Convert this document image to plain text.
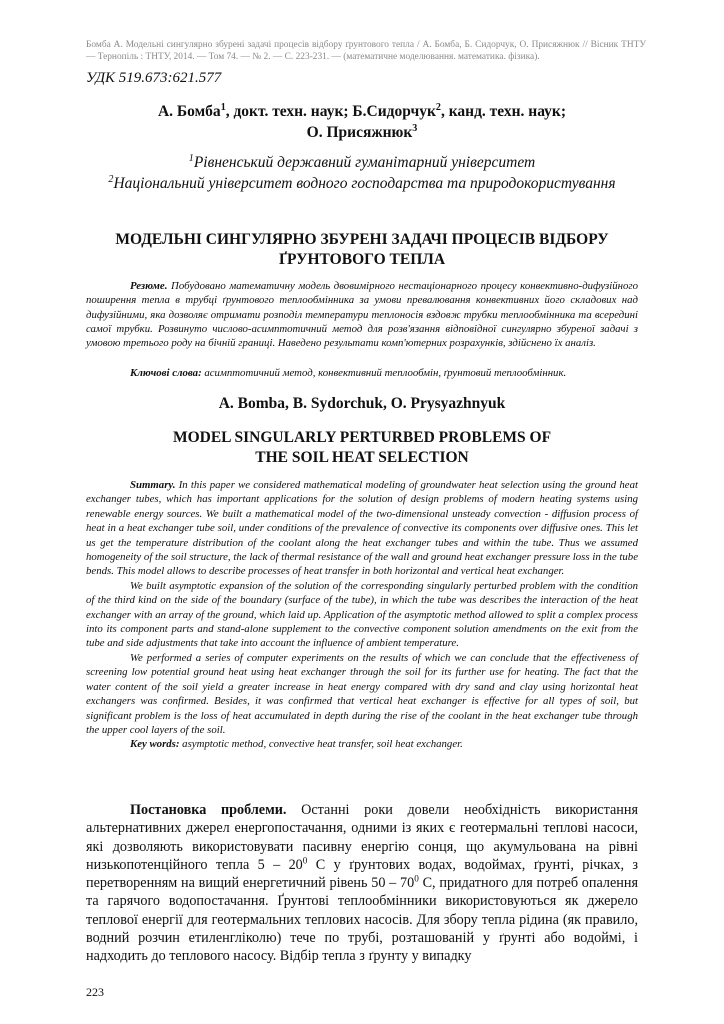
Бомба А. Модельні сингулярно збурені задачі процесів відбору ґрунтового тепла / А. Бомба, Б. Сидорчук, О. Присяжнюк // Вісник ТНТУ — Тернопіль : ТНТУ, 2014. — Том 74. — № 2. — С. 223-231. — (математичне моделювання. математика. фізика).
УДК 519.673:621.577
А. Бомба$^1$, докт. техн. наук; Б.Сидорчук$^2$, канд. техн. наук;
О. Присяжнюк$^3$
$^1$Рівненський державний гуманітарний університет
$^2$Національний університет водного господарства та природокористування
МОДЕЛЬНІ СИНГУЛЯРНО ЗБУРЕНІ ЗАДАЧІ ПРОЦЕСІВ ВІДБОРУ ҐРУНТОВОГО ТЕПЛА
Резюме. Побудовано математичну модель двовимірного нестаціонарного процесу конвективно-дифузійного поширення тепла в трубці ґрунтового теплообмінника за умови превалювання конвективних його складових над дифузійними, яка дозволяє отримати розподіл температури теплоносія вздовж трубки теплообмінника та всередині самої трубки. Розвинуто числово-асимптотичний метод для розв'язання відповідної сингулярно збуреної задачі з умовою третього роду на бічній границі. Наведено результати комп'ютерних розрахунків, здійснено їх аналіз.
Ключові слова: асимптотичний метод, конвективний теплообмін, ґрунтовий теплообмінник.
A. Bomba, B. Sydorchuk, O. Prysyazhnyuk
MODEL SINGULARLY PERTURBED PROBLEMS OF
THE SOIL HEAT SELECTION

Summary. In this paper we considered mathematical modeling of groundwater heat selection using the ground heat exchanger tubes, which has important applications for the solution of design problems of modern heating systems using renewable energy sources. We built a mathematical model of the two-dimensional unsteady convection - diffusion process of heat in a heat exchanger tube soil, under conditions of the prevalence of convective its components over diffusive ones. This let us get the temperature distribution of the coolant along the heat exchanger tubes and within the tube. Thus we assumed homogeneity of the soil structure, the lack of thermal resistance of the wall and ground heat exchanger pressure loss in the tube bends. This model allows to describe processes of heat transfer in both horizontal and vertical heat exchanger.

We built asymptotic expansion of the solution of the corresponding singularly perturbed problem with the condition of the third kind on the side of the boundary (surface of the tube), in which the tube was describes the interaction of the heat exchanger with an array of the ground, which laid up. Application of the asymptotic method allowed to split a complex process into its component parts and stand-alone supplement to the convective component solution amendments on the exit from the tube and side adjustments that take into account the influence of ambient temperature.

We performed a series of computer experiments on the results of which we can conclude that the effectiveness of screening low potential ground heat using heat exchanger through the soil for its further use for heating. The fact that the water content of the soil yield a greater increase in heat energy compared with dry sand and clay using horizontal heat exchangers was confirmed. Besides, it was confirmed that vertical heat exchanger is effective for all types of soil, but significant problem is the loss of heat accumulated in depth during the rise of the coolant in the heat exchanger tube through the upper cool layers of the soil.

Key words: asymptotic method, convective heat transfer, soil heat exchanger.

Постановка проблеми. Останні роки довели необхідність використання альтернативних джерел енергопостачання, одними із яких є геотермальні теплові насоси, які дозволяють використовувати пасивну енергію сонця, що акумульована на рівні низькопотенційного тепла $5 - 20^0$ С у ґрунтових водах, водоймах, ґрунті, річках, з перетворенням на вищий енергетичний рівень $50 - 70^0$ С, придатного для потреб опалення та гарячого водопостачання. Ґрунтові теплообмінники використовуються як джерело теплової енергії для геотермальних теплових насосів. Для збору тепла рідина (як правило, водний розчин етиленгліколю) тече по трубі, розташованій у ґрунті або водоймі, і надходить до теплового насосу. Відбір тепла з ґрунту у випадку
223
